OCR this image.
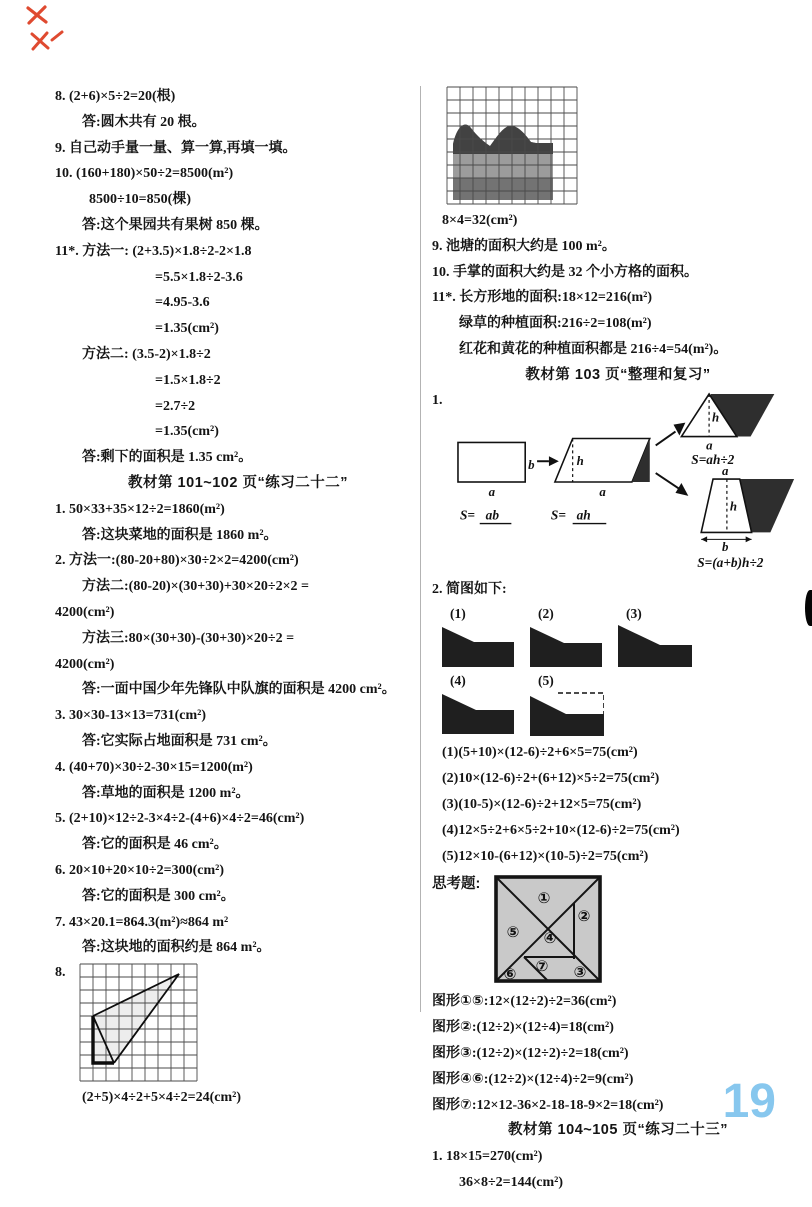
8. (2+6)×5÷2=20(根)
答:圆木共有 20 根。
9. 自己动手量一量、算一算,再填一填。
10. (160+180)×50÷2=8500(m²)
8500÷10=850(棵)
答:这个果园共有果树 850 棵。
11*. 方法一: (2+3.5)×1.8÷2-2×1.8
=5.5×1.8÷2-3.6
=4.95-3.6
=1.35(cm²)
方法二: (3.5-2)×1.8÷2
=1.5×1.8÷2
=2.7÷2
=1.35(cm²)
答:剩下的面积是 1.35 cm²。
教材第 101~102 页“练习二十二”
1. 50×33+35×12÷2=1860(m²)
答:这块菜地的面积是 1860 m²。
2. 方法一:(80-20+80)×30÷2×2=4200(cm²)
方法二:(80-20)×(30+30)+30×20÷2×2 =
4200(cm²)
方法三:80×(30+30)-(30+30)×20÷2 =
4200(cm²)
答:一面中国少年先锋队中队旗的面积是 4200 cm²。
3. 30×30-13×13=731(cm²)
答:它实际占地面积是 731 cm²。
4. (40+70)×30÷2-30×15=1200(m²)
答:草地的面积是 1200 m²。
5. (2+10)×12÷2-3×4÷2-(4+6)×4÷2=46(cm²)
答:它的面积是 46 cm²。
6. 20×10+20×10÷2=300(cm²)
答:它的面积是 300 cm²。
7. 43×20.1=864.3(m²)≈864 m²
答:这块地的面积约是 864 m²。
8.
(2+5)×4÷2+5×4÷2=24(cm²)
8×4=32(cm²)
9. 池塘的面积大约是 100 m²。
10. 手掌的面积大约是 32 个小方格的面积。
11*. 长方形地的面积:18×12=216(m²)
绿草的种植面积:216÷2=108(m²)
红花和黄花的种植面积都是 216÷4=54(m²)。
教材第 103 页“整理和复习”
1.
b
a
S= ab
h
a
S= ah
h
a
S=ah÷2
h
a
b
S=(a+b)h÷2
2. 简图如下:
(1)	(2)	(3)
(4)	(5)
(1)(5+10)×(12-6)÷2+6×5=75(cm²)
(2)10×(12-6)÷2+(6+12)×5÷2=75(cm²)
(3)(10-5)×(12-6)÷2+12×5=75(cm²)
(4)12×5÷2+6×5÷2+10×(12-6)÷2=75(cm²)
(5)12×10-(6+12)×(10-5)÷2=75(cm²)
思考题:
①
②
③
④
⑤
⑥ ⑦
图形①⑤:12×(12÷2)÷2=36(cm²)
图形②:(12÷2)×(12÷4)=18(cm²)
图形③:(12÷2)×(12÷2)÷2=18(cm²)
图形④⑥:(12÷2)×(12÷4)÷2=9(cm²)
图形⑦:12×12-36×2-18-18-9×2=18(cm²)
教材第 104~105 页“练习二十三”
1. 18×15=270(cm²)
36×8÷2=144(cm²)
19
